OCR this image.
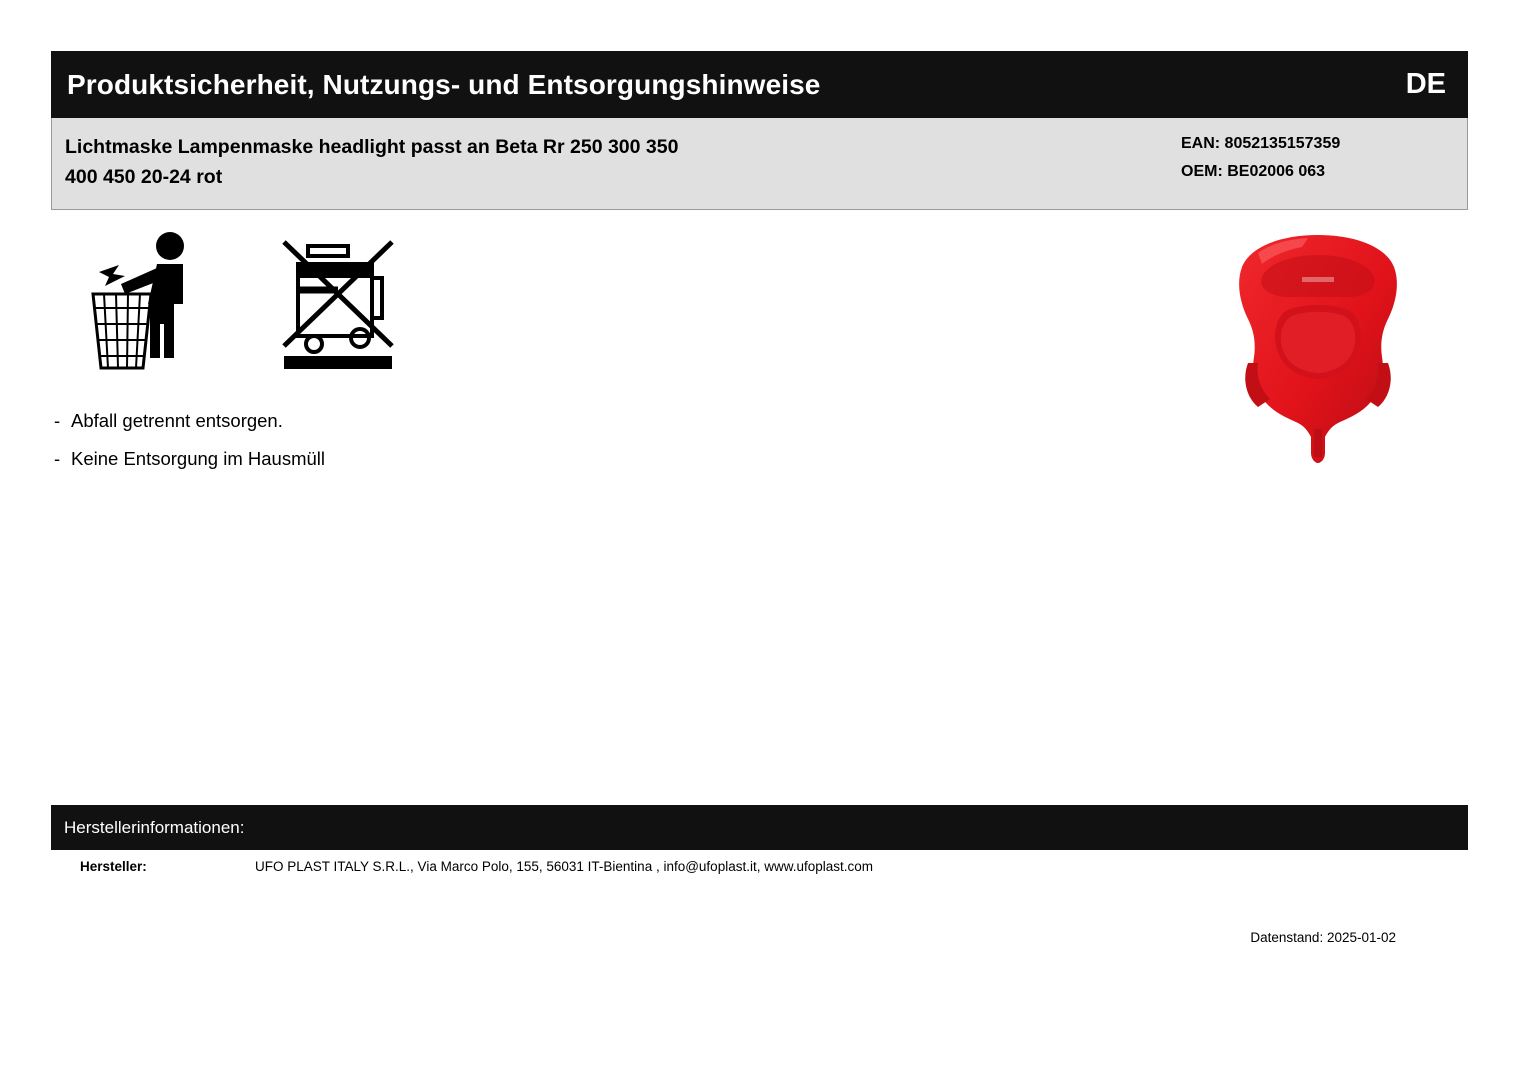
Produktsicherheit, Nutzungs- und Entsorgungshinweise	DE
Lichtmaske Lampenmaske headlight passt an Beta Rr 250 300 350
400 450 20-24 rot
EAN: 8052135157359
OEM: BE02006 063
- Abfall getrennt entsorgen.
- Keine Entsorgung im Hausmüll
Herstellerinformationen:
Hersteller:	UFO PLAST ITALY S.R.L., Via Marco Polo, 155, 56031 IT-Bientina , info@ufoplast.it, www.ufoplast.com
Datenstand: 2025-01-02
